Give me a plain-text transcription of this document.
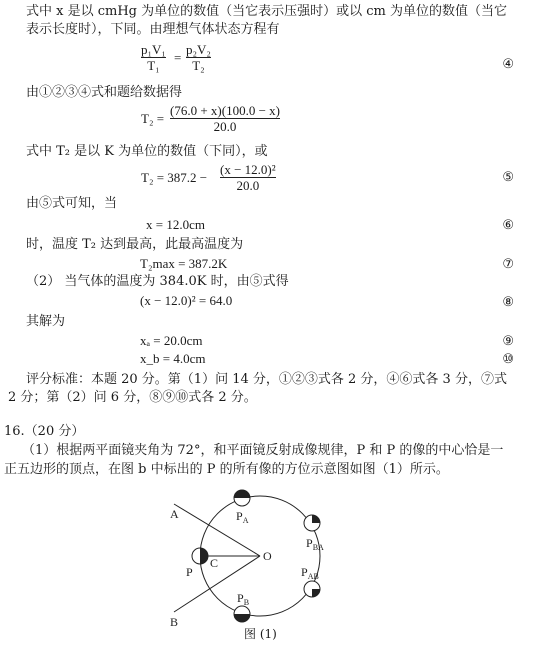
式中 x 是以 cmHg 为单位的数值（当它表示压强时）或以 cm 为单位的数值（当它
表示长度时），下同。由理想气体状态方程有
p₁V₁
T₁
=
p₂V₂
T₂	④
由①②③④式和题给数据得
T₂ =
(76.0 + x)(100.0 − x)
20.0
式中 T₂ 是以 K 为单位的数值（下同），或
T₂ = 387.2 −
(x − 12.0)²
20.0
⑤
由⑤式可知，当
x = 12.0cm	⑥
时，温度 T₂ 达到最高，此最高温度为
T₂max = 387.2K	⑦
（2） 当气体的温度为 384.0K 时，由⑤式得
(x − 12.0)² = 64.0	⑧
其解为
xₐ = 20.0cm	⑨
x_b = 4.0cm	⑩
评分标准：本题 20 分。第（1）问 14 分，①②③式各 2 分，④⑥式各 3 分，⑦式
2 分；第（2）问 6 分，⑧⑨⑩式各 2 分。
16.（20 分）
（1）根据两平面镜夹角为 72°，和平面镜反射成像规律，P 和 P 的像的中心恰是一
正五边形的顶点，在图 b 中标出的 P 的所有像的方位示意图如图（1）所示。
A
B
C	O
P
$P_A$
$P_{BA}$
$P_{AB}$
$P_B$
图 (1)
